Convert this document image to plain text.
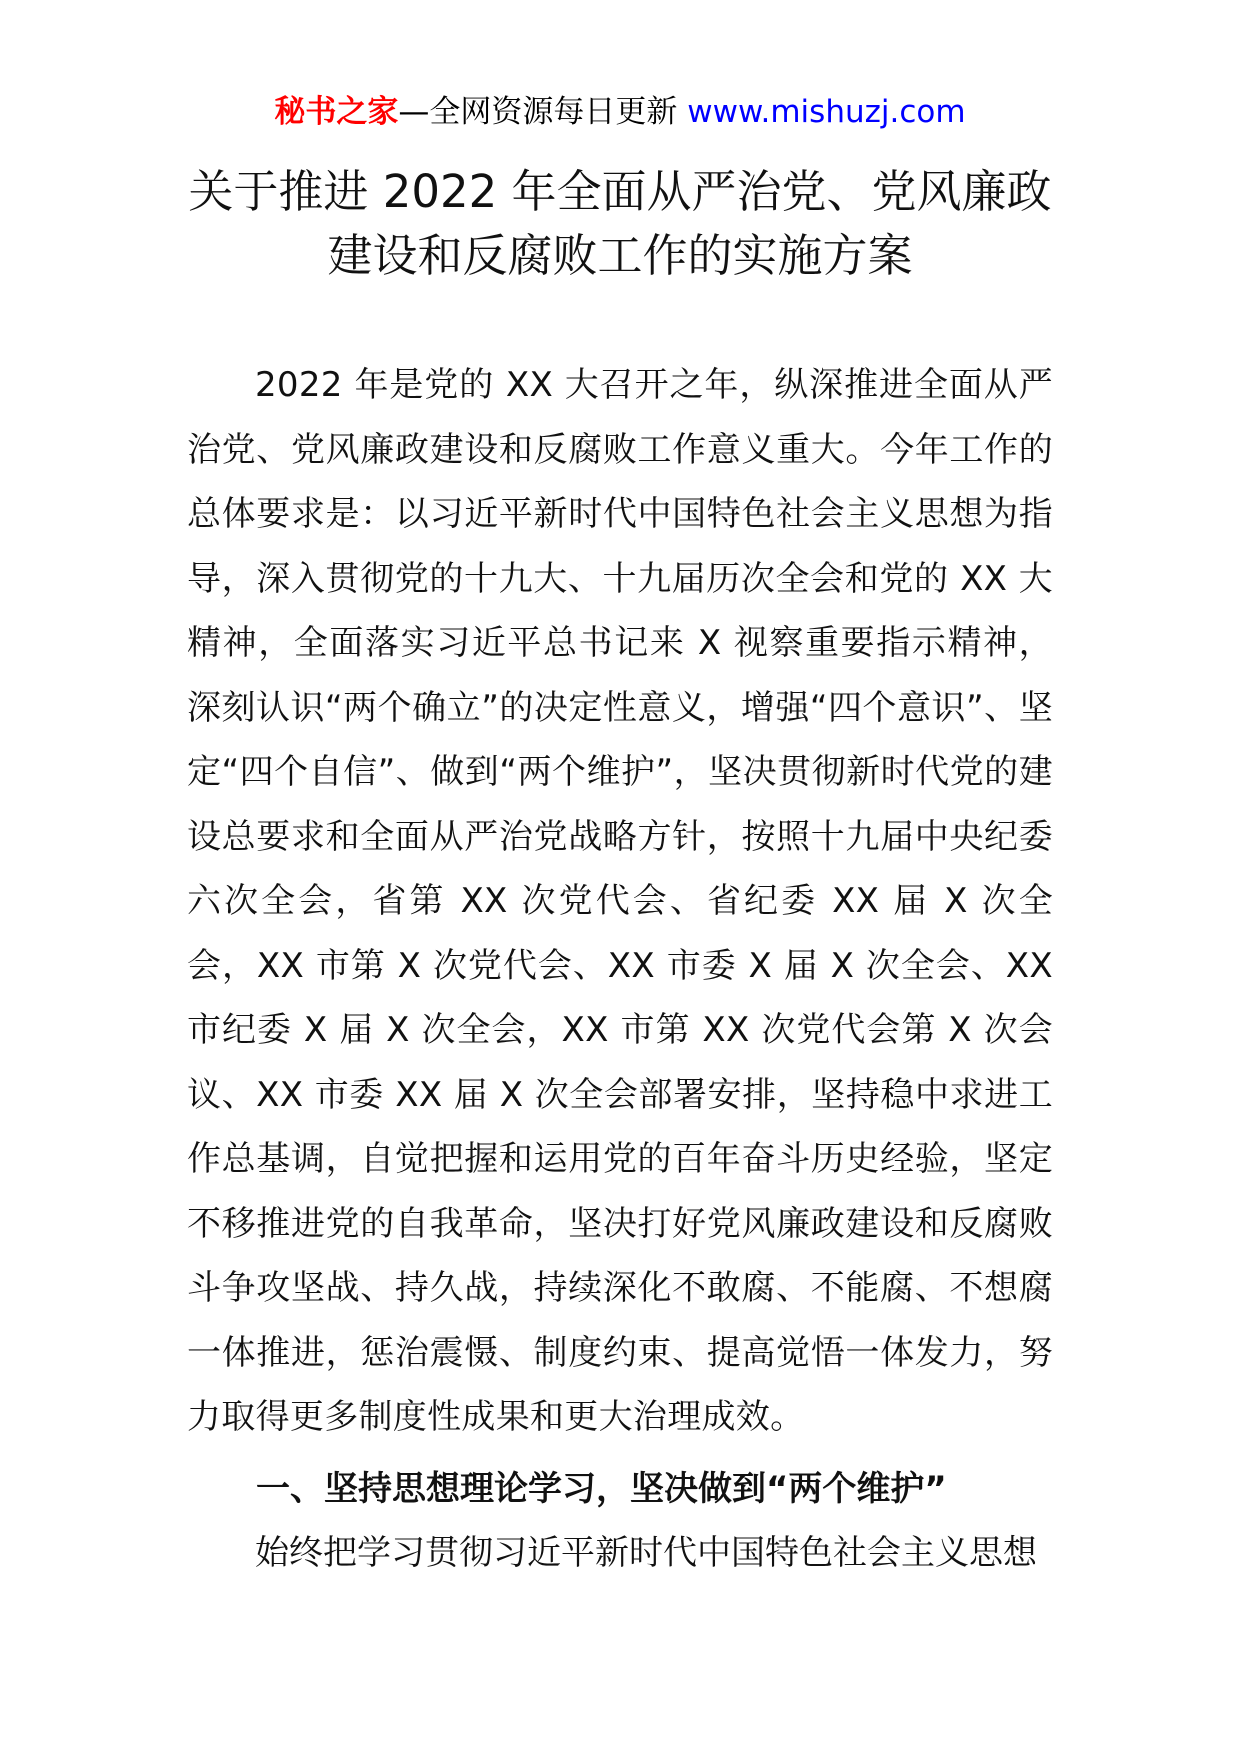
秘书之家—全网资源每日更新 www.mishuzj.com
关于推进 2022 年全面从严治党、党风廉政
建设和反腐败工作的实施方案

2022 年是党的 XX 大召开之年，纵深推进全面从严治党、党风廉政建设和反腐败工作意义重大。今年工作的总体要求是：以习近平新时代中国特色社会主义思想为指导，深入贯彻党的十九大、十九届历次全会和党的 XX 大精神，全面落实习近平总书记来 X 视察重要指示精神，深刻认识“两个确立”的决定性意义，增强“四个意识”、坚定“四个自信”、做到“两个维护”，坚决贯彻新时代党的建设总要求和全面从严治党战略方针，按照十九届中央纪委六次全会，省第 XX 次党代会、省纪委 XX 届 X 次全会，XX 市第 X 次党代会、XX 市委 X 届 X 次全会、XX 市纪委 X 届 X 次全会，XX 市第 XX 次党代会第 X 次会议、XX 市委 XX 届 X 次全会部署安排，坚持稳中求进工作总基调，自觉把握和运用党的百年奋斗历史经验，坚定不移推进党的自我革命，坚决打好党风廉政建设和反腐败斗争攻坚战、持久战，持续深化不敢腐、不能腐、不想腐一体推进，惩治震慑、制度约束、提高觉悟一体发力，努力取得更多制度性成果和更大治理成效。

一、坚持思想理论学习，坚决做到“两个维护”

始终把学习贯彻习近平新时代中国特色社会主义思想
